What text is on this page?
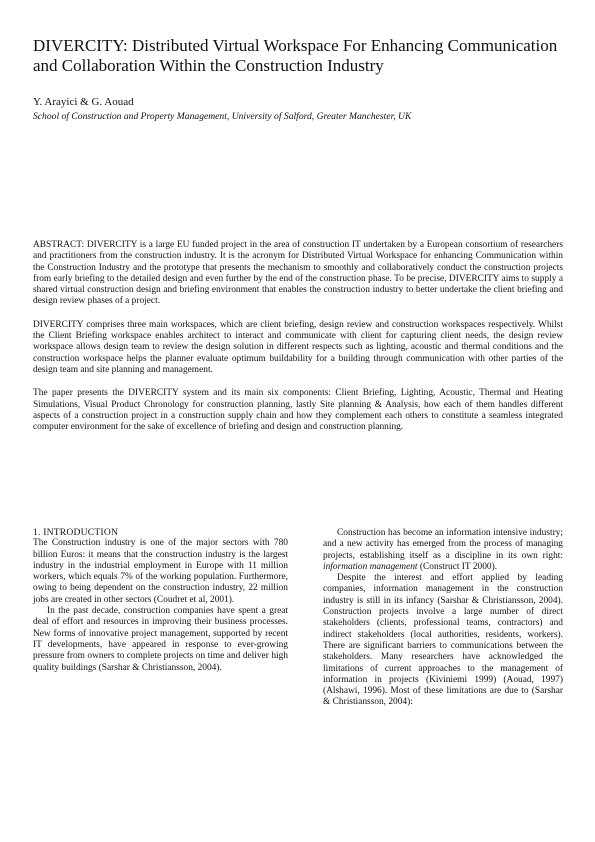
DIVERCITY: Distributed Virtual Workspace For Enhancing Communication and Collaboration Within the Construction Industry

Y. Arayici & G. Aouad

School of Construction and Property Management, University of Salford, Greater Manchester, UK

ABSTRACT: DIVERCITY is a large EU funded project in the area of construction IT undertaken by a European consortium of researchers and practitioners from the construction industry. It is the acronym for Distributed Virtual Workspace for enhancing Communication within the Construction Industry and the prototype that presents the mechanism to smoothly and collaboratively conduct the construction projects from early briefing to the detailed design and even further by the end of the construction phase. To be precise, DIVERCITY aims to supply a shared virtual construction design and briefing environment that enables the construction industry to better undertake the client briefing and design review phases of a project.

DIVERCITY comprises three main workspaces, which are client briefing, design review and construction workspaces respectively. Whilst the Client Briefing workspace enables architect to interact and communicate with client for capturing client needs, the design review workspace allows design team to review the design solution in different respects such as lighting, acoustic and thermal conditions and the construction workspace helps the planner evaluate optimum buildability for a building through communication with other parties of the design team and site planning and management.

The paper presents the DIVERCITY system and its main six components: Client Briefing, Lighting, Acoustic, Thermal and Heating Simulations, Visual Product Chronology for construction planning, lastly Site planning & Analysis, how each of them handles different aspects of a construction project in a construction supply chain and how they complement each others to constitute a seamless integrated computer environment for the sake of excellence of briefing and design and construction planning.

1. INTRODUCTION

The Construction industry is one of the major sectors with 780 billion Euros: it means that the construction industry is the largest industry in the industrial employment in Europe with 11 million workers, which equals 7% of the working population. Furthermore, owing to being dependent on the construction industry, 22 million jobs are created in other sectors (Coudret et al, 2001).

In the past decade, construction companies have spent a great deal of effort and resources in improving their business processes. New forms of innovative project management, supported by recent IT developments, have appeared in response to ever-growing pressure from owners to complete projects on time and deliver high quality buildings (Sarshar & Christiansson, 2004).

Construction has become an information intensive industry; and a new activity has emerged from the process of managing projects, establishing itself as a discipline in its own right: information management (Construct IT 2000).

Despite the interest and effort applied by leading companies, information management in the construction industry is still in its infancy (Sarshar & Christiansson, 2004). Construction projects involve a large number of direct stakeholders (clients, professional teams, contractors) and indirect stakeholders (local authorities, residents, workers). There are significant barriers to communications between the stakeholders. Many researchers have acknowledged the limitations of current approaches to the management of information in projects (Kiviniemi 1999) (Aouad, 1997) (Alshawi, 1996). Most of these limitations are due to (Sarshar & Christiansson, 2004):
